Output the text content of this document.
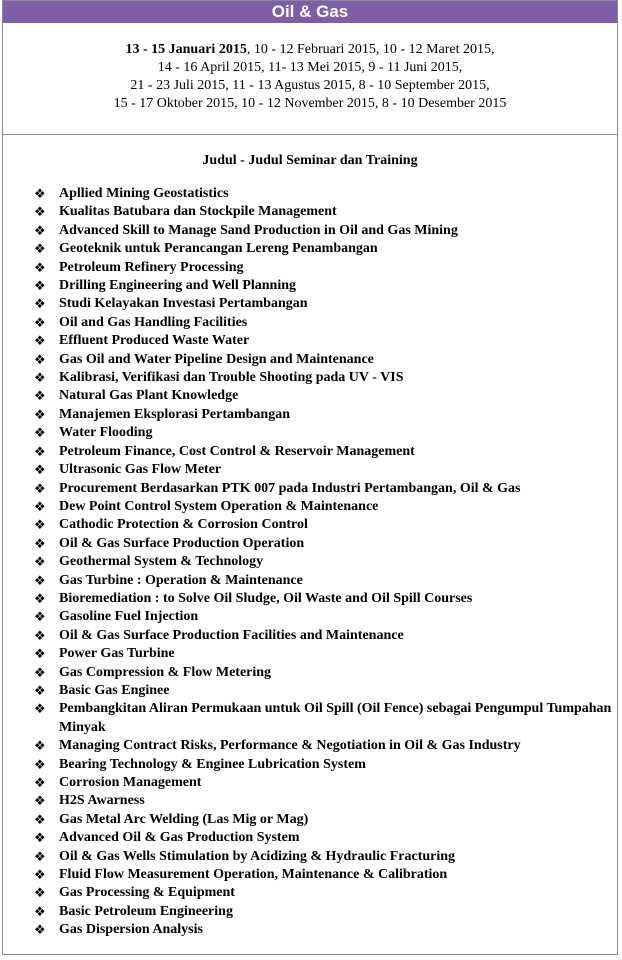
Oil & Gas
13 - 15 Januari 2015, 10 - 12 Februari 2015, 10 - 12 Maret 2015,
14 - 16 April 2015, 11- 13 Mei 2015, 9 - 11 Juni 2015,
21 - 23 Juli 2015, 11 - 13 Agustus 2015, 8 - 10 September 2015,
15 - 17 Oktober 2015, 10 - 12 November 2015, 8 - 10 Desember 2015
Judul - Judul Seminar dan Training
❖ Apllied Mining Geostatistics
❖ Kualitas Batubara dan Stockpile Management
❖ Advanced Skill to Manage Sand Production in Oil and Gas Mining
❖ Geoteknik untuk Perancangan Lereng Penambangan
❖ Petroleum Refinery Processing
❖ Drilling Engineering and Well Planning
❖ Studi Kelayakan Investasi Pertambangan
❖ Oil and Gas Handling Facilities
❖ Effluent Produced Waste Water
❖ Gas Oil and Water Pipeline Design and Maintenance
❖ Kalibrasi, Verifikasi dan Trouble Shooting pada UV - VIS
❖ Natural Gas Plant Knowledge
❖ Manajemen Eksplorasi Pertambangan
❖ Water Flooding
❖ Petroleum Finance, Cost Control & Reservoir Management
❖ Ultrasonic Gas Flow Meter
❖ Procurement Berdasarkan PTK 007 pada Industri Pertambangan, Oil & Gas
❖ Dew Point Control System Operation & Maintenance
❖ Cathodic Protection & Corrosion Control
❖ Oil & Gas Surface Production Operation
❖ Geothermal System & Technology
❖ Gas Turbine : Operation & Maintenance
❖ Bioremediation : to Solve Oil Sludge, Oil Waste and Oil Spill Courses
❖ Gasoline Fuel Injection
❖ Oil & Gas Surface Production Facilities and Maintenance
❖ Power Gas Turbine
❖ Gas Compression & Flow Metering
❖ Basic Gas Enginee
❖ Pembangkitan Aliran Permukaan untuk Oil Spill (Oil Fence) sebagai Pengumpul Tumpahan Minyak
❖ Managing Contract Risks, Performance & Negotiation in Oil & Gas Industry
❖ Bearing Technology & Enginee Lubrication System
❖ Corrosion Management
❖ H2S Awarness
❖ Gas Metal Arc Welding (Las Mig or Mag)
❖ Advanced Oil & Gas Production System
❖ Oil & Gas Wells Stimulation by Acidizing & Hydraulic Fracturing
❖ Fluid Flow Measurement Operation, Maintenance & Calibration
❖ Gas Processing & Equipment
❖ Basic Petroleum Engineering
❖ Gas Dispersion Analysis
